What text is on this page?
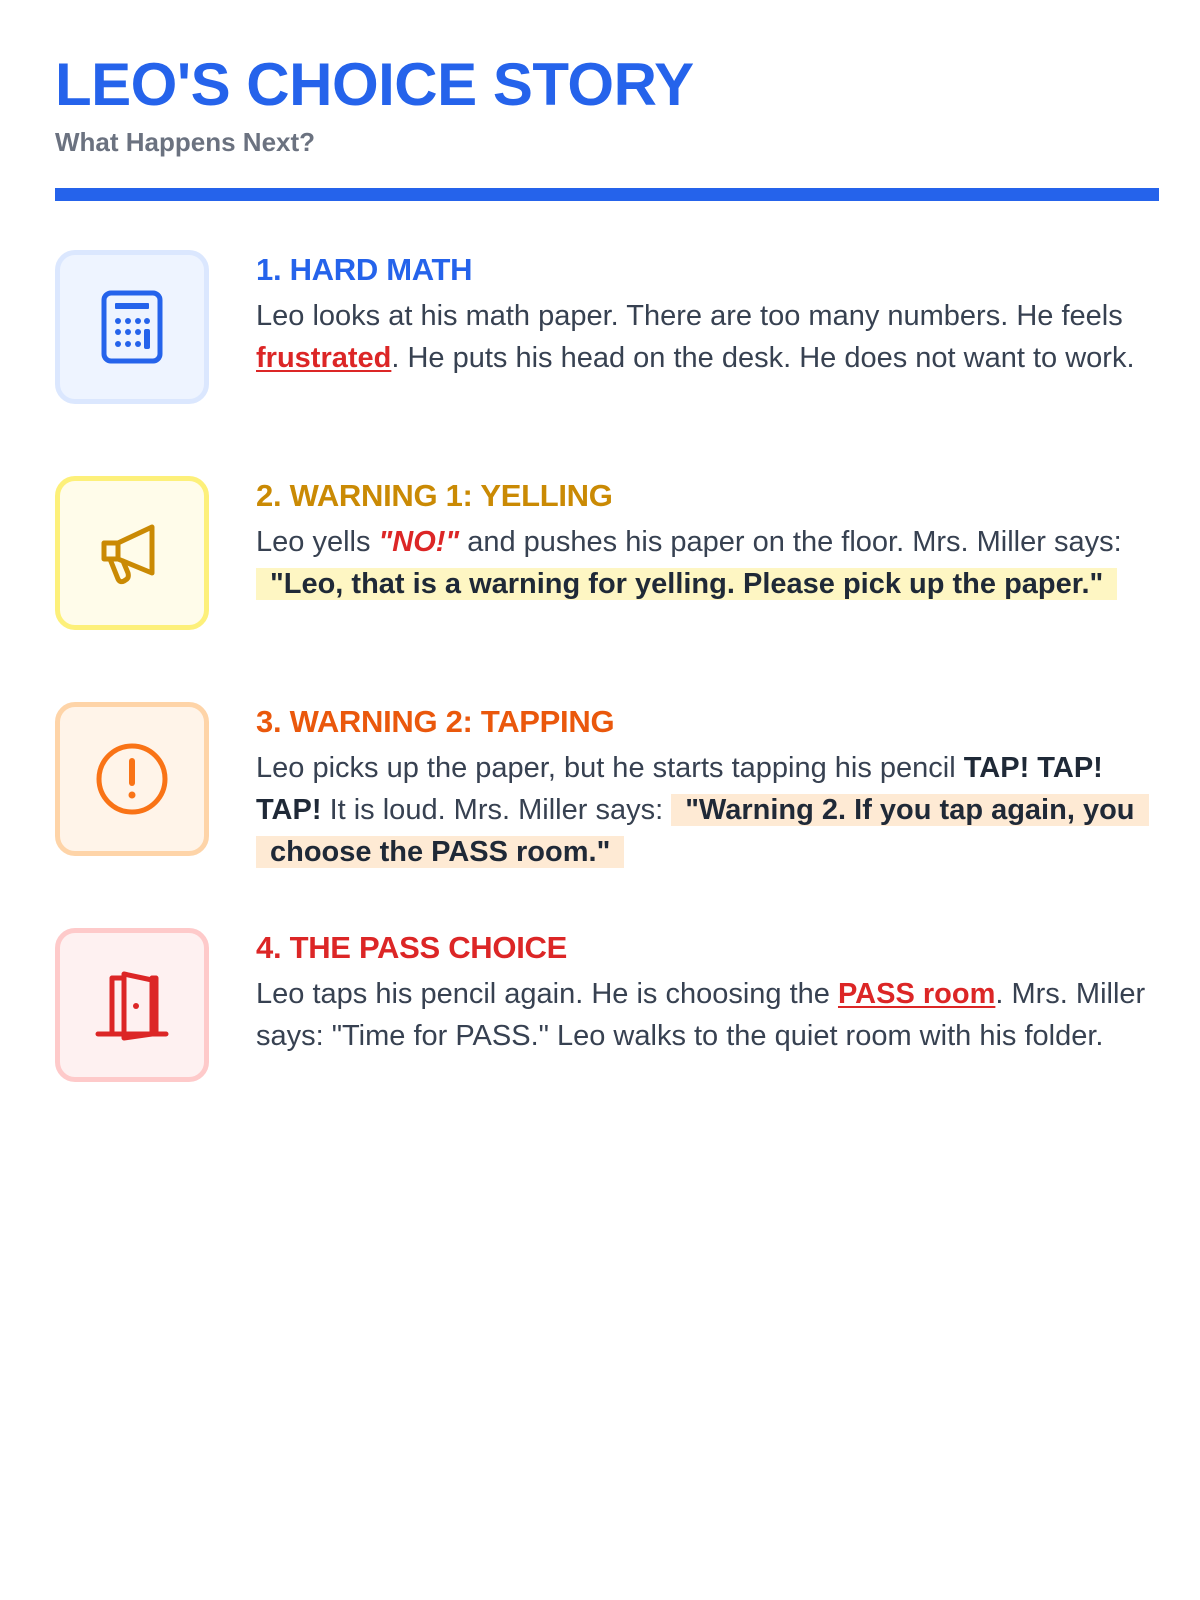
LEO'S CHOICE STORY
What Happens Next?
1. HARD MATH

Leo looks at his math paper. There are too many numbers. He feels frustrated. He puts his head on the desk. He does not want to work.

2. WARNING 1: YELLING

Leo yells "NO!" and pushes his paper on the floor. Mrs. Miller says: "Leo, that is a warning for yelling. Please pick up the paper."

3. WARNING 2: TAPPING

Leo picks up the paper, but he starts tapping his pencil TAP! TAP! TAP! It is loud. Mrs. Miller says: "Warning 2. If you tap again, you choose the PASS room."

4. THE PASS CHOICE

Leo taps his pencil again. He is choosing the PASS room. Mrs. Miller says: "Time for PASS." Leo walks to the quiet room with his folder.
